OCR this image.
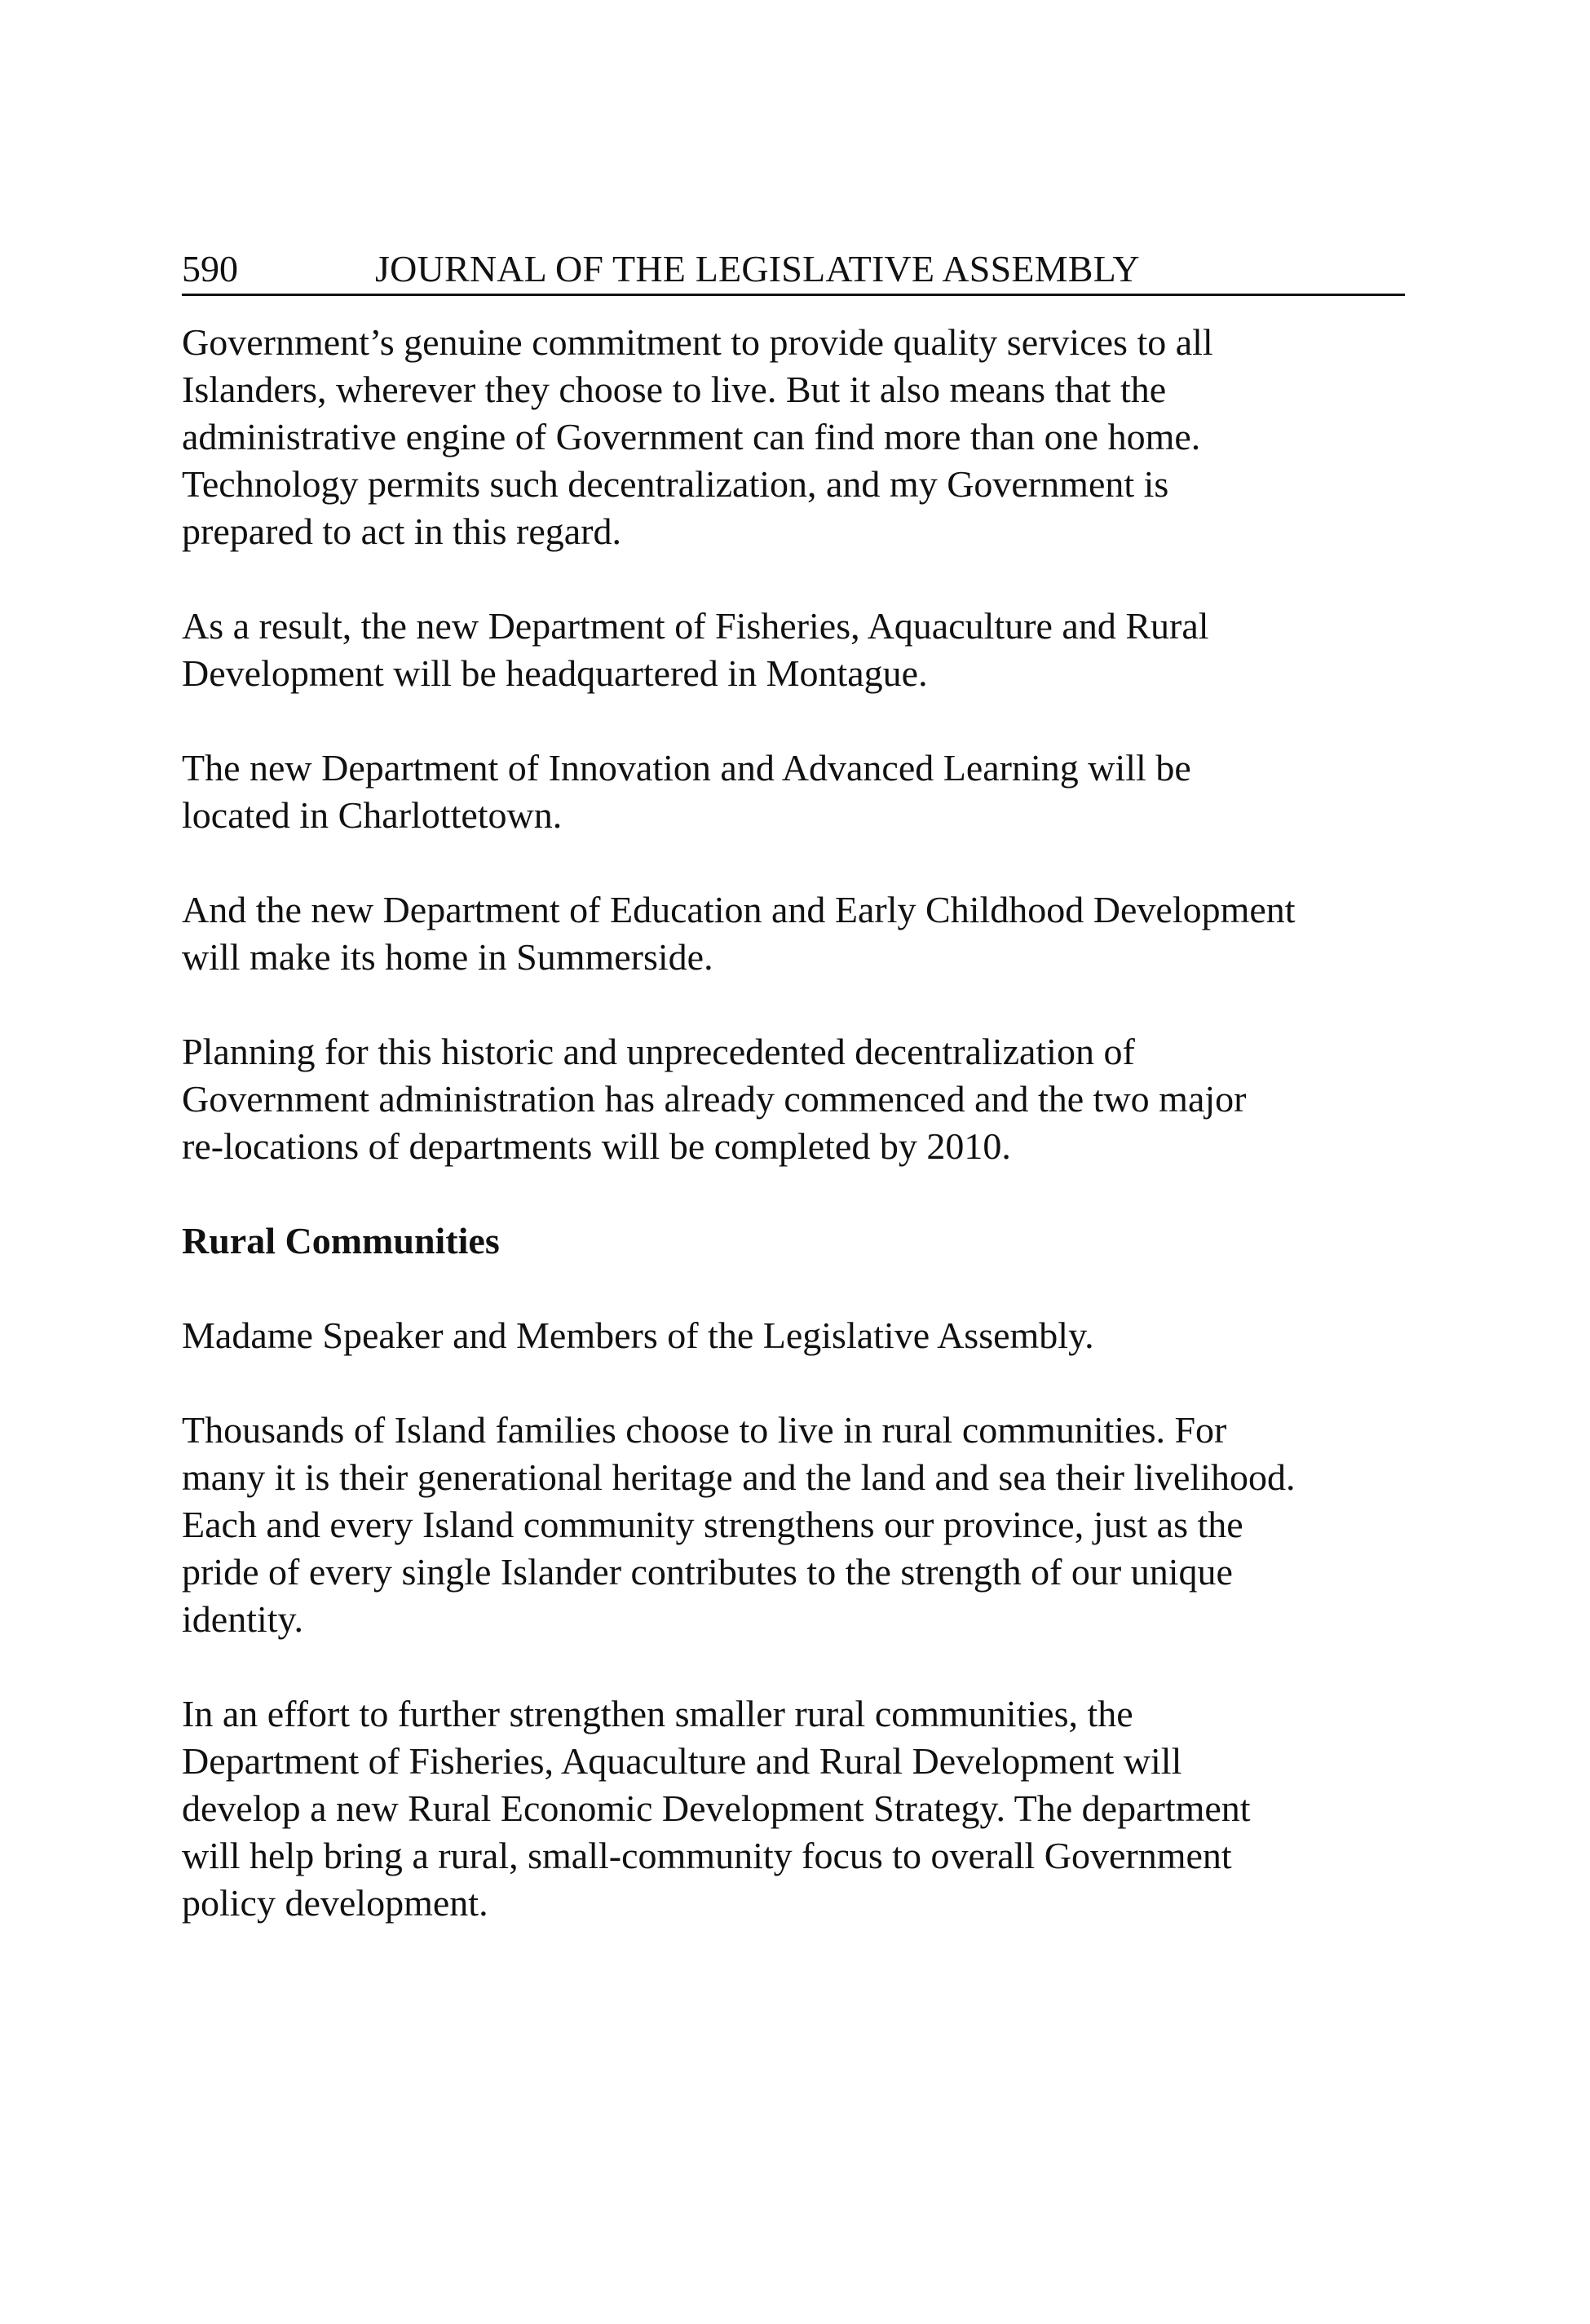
590	JOURNAL OF THE LEGISLATIVE ASSEMBLY

Government’s genuine commitment to provide quality services to all
Islanders, wherever they choose to live. But it also means that the
administrative engine of Government can find more than one home.
Technology permits such decentralization, and my Government is
prepared to act in this regard.

As a result, the new Department of Fisheries, Aquaculture and Rural
Development will be headquartered in Montague.

The new Department of Innovation and Advanced Learning will be
located in Charlottetown.

And the new Department of Education and Early Childhood Development
will make its home in Summerside.

Planning for this historic and unprecedented decentralization of
Government administration has already commenced and the two major
re-locations of departments will be completed by 2010.

Rural Communities

Madame Speaker and Members of the Legislative Assembly.

Thousands of Island families choose to live in rural communities. For
many it is their generational heritage and the land and sea their livelihood.
Each and every Island community strengthens our province, just as the
pride of every single Islander contributes to the strength of our unique
identity.

In an effort to further strengthen smaller rural communities, the
Department of Fisheries, Aquaculture and Rural Development will
develop a new Rural Economic Development Strategy. The department
will help bring a rural, small-community focus to overall Government
policy development.
